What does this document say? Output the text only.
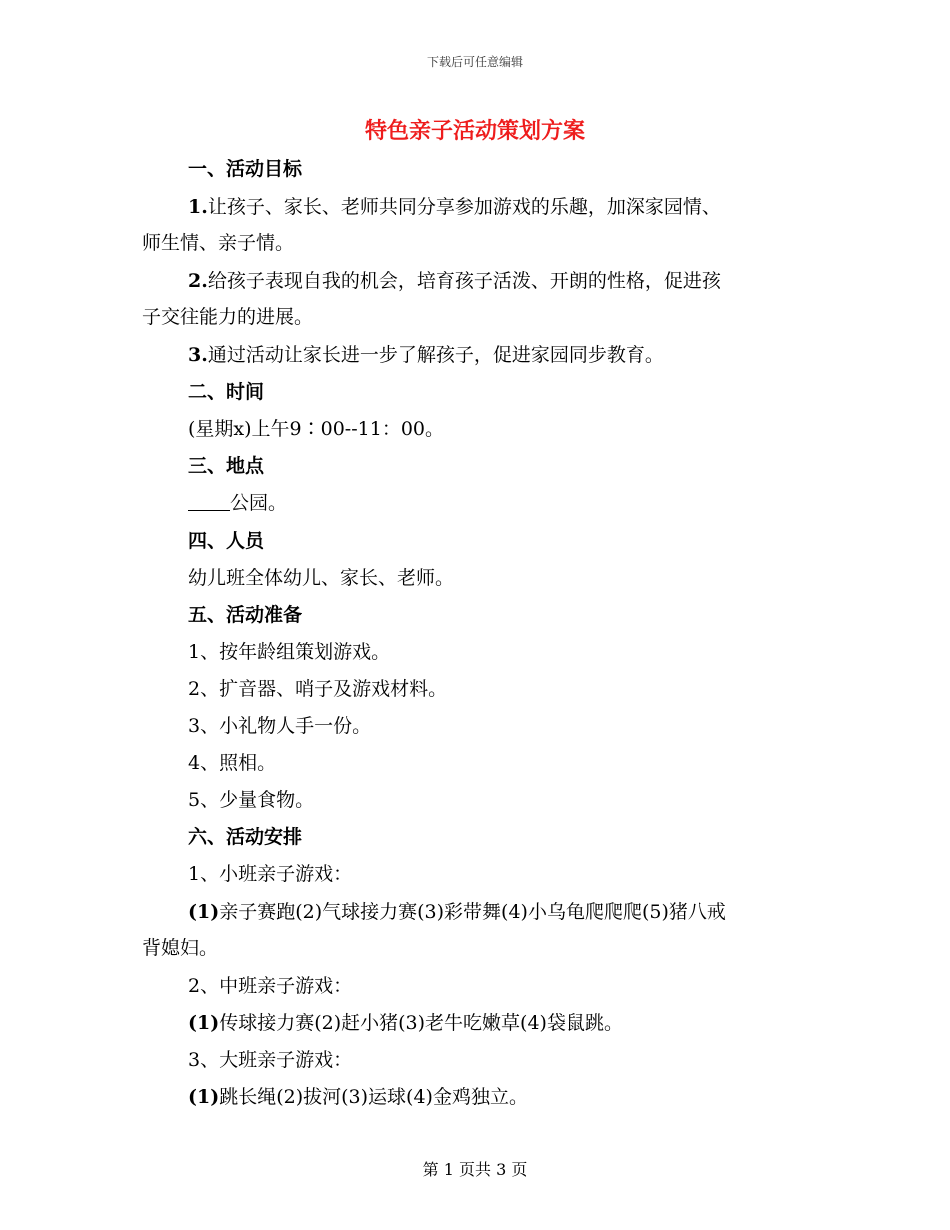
下载后可任意编辑
特色亲子活动策划方案
一、活动目标
1.让孩子、家长、老师共同分享参加游戏的乐趣，加深家园情、
师生情、亲子情。
2.给孩子表现自我的机会，培育孩子活泼、开朗的性格，促进孩
子交往能力的进展。
3.通过活动让家长进一步了解孩子，促进家园同步教育。
二、时间
(星期x)上午9∶00--11：00。
三、地点
公园。
四、人员
幼儿班全体幼儿、家长、老师。
五、活动准备
1、按年龄组策划游戏。
2、扩音器、哨子及游戏材料。
3、小礼物人手一份。
4、照相。
5、少量食物。
六、活动安排
1、小班亲子游戏：
(1)亲子赛跑(2)气球接力赛(3)彩带舞(4)小乌龟爬爬爬(5)猪八戒
背媳妇。
2、中班亲子游戏：
(1)传球接力赛(2)赶小猪(3)老牛吃嫩草(4)袋鼠跳。
3、大班亲子游戏：
(1)跳长绳(2)拔河(3)运球(4)金鸡独立。
第 1 页共 3 页
